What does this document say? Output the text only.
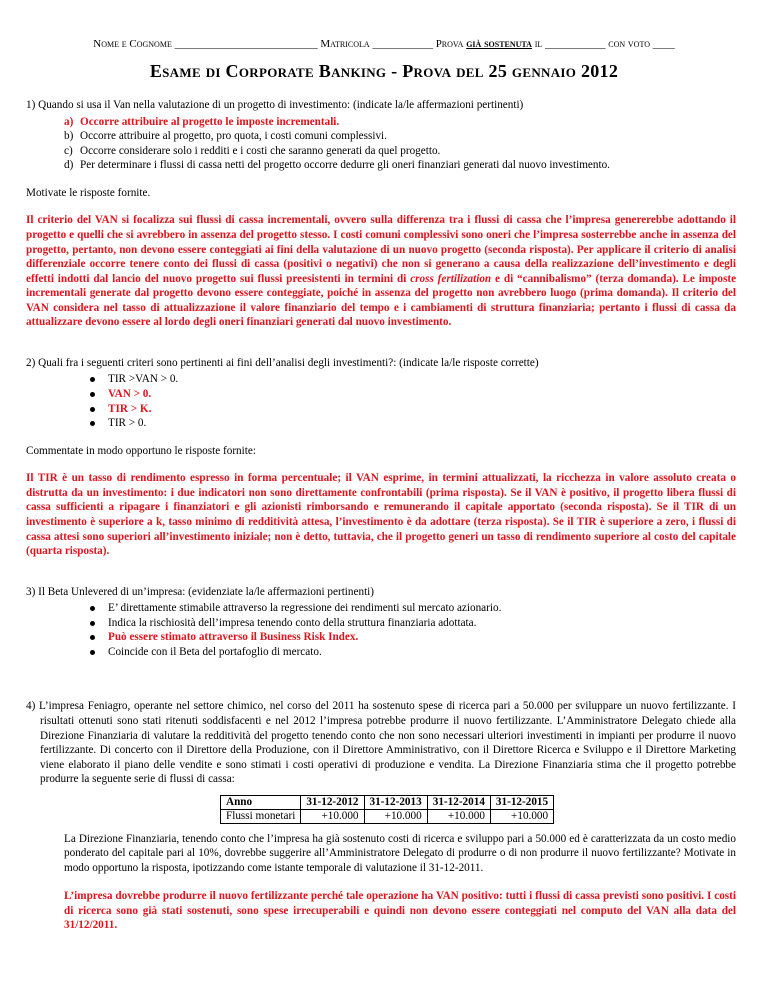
Nome e Cognome __________________________ Matricola ___________ Prova già sostenuta il ___________ con voto ____
Esame di Corporate Banking - Prova del 25 gennaio 2012

1) Quando si usa il Van nella valutazione di un progetto di investimento: (indicate la/le affermazioni pertinenti)

a) Occorre attribuire al progetto le imposte incrementali.
b) Occorre attribuire al progetto, pro quota, i costi comuni complessivi.
c) Occorre considerare solo i redditi e i costi che saranno generati da quel progetto.
d) Per determinare i flussi di cassa netti del progetto occorre dedurre gli oneri finanziari generati dal nuovo investimento.

Motivate le risposte fornite.

Il criterio del VAN si focalizza sui flussi di cassa incrementali, ovvero sulla differenza tra i flussi di cassa che l’impresa genererebbe adottando il progetto e quelli che si avrebbero in assenza del progetto stesso. I costi comuni complessivi sono oneri che l’impresa sosterrebbe anche in assenza del progetto, pertanto, non devono essere conteggiati ai fini della valutazione di un nuovo progetto (seconda risposta). Per applicare il criterio di analisi differenziale occorre tenere conto dei flussi di cassa (positivi o negativi) che non si generano a causa della realizzazione dell’investimento e degli effetti indotti dal lancio del nuovo progetto sui flussi preesistenti in termini di cross fertilization e di “cannibalismo” (terza domanda). Le imposte incrementali generate dal progetto devono essere conteggiate, poiché in assenza del progetto non avrebbero luogo (prima domanda). Il criterio del VAN considera nel tasso di attualizzazione il valore finanziario del tempo e i cambiamenti di struttura finanziaria; pertanto i flussi di cassa da attualizzare devono essere al lordo degli oneri finanziari generati dal nuovo investimento.

2) Quali fra i seguenti criteri sono pertinenti ai fini dell’analisi degli investimenti?: (indicate la/le risposte corrette)

TIR >VAN > 0.
VAN > 0.
TIR > K.
TIR > 0.

Commentate in modo opportuno le risposte fornite:

Il TIR è un tasso di rendimento espresso in forma percentuale; il VAN esprime, in termini attualizzati, la ricchezza in valore assoluto creata o distrutta da un investimento: i due indicatori non sono direttamente confrontabili (prima risposta). Se il VAN è positivo, il progetto libera flussi di cassa sufficienti a ripagare i finanziatori e gli azionisti rimborsando e remunerando il capitale apportato (seconda risposta). Se il TIR di un investimento è superiore a k, tasso minimo di redditività attesa, l’investimento è da adottare (terza risposta). Se il TIR è superiore a zero, i flussi di cassa attesi sono superiori all’investimento iniziale; non è detto, tuttavia, che il progetto generi un tasso di rendimento superiore al costo del capitale (quarta risposta).

3) Il Beta Unlevered di un’impresa: (evidenziate la/le affermazioni pertinenti)

E’ direttamente stimabile attraverso la regressione dei rendimenti sul mercato azionario.
Indica la rischiosità dell’impresa tenendo conto della struttura finanziaria adottata.
Può essere stimato attraverso il Business Risk Index.
Coincide con il Beta del portafoglio di mercato.

4) L’impresa Feniagro, operante nel settore chimico, nel corso del 2011 ha sostenuto spese di ricerca pari a 50.000 per sviluppare un nuovo fertilizzante. I risultati ottenuti sono stati ritenuti soddisfacenti e nel 2012 l’impresa potrebbe produrre il nuovo fertilizzante. L’Amministratore Delegato chiede alla Direzione Finanziaria di valutare la redditività del progetto tenendo conto che non sono necessari ulteriori investimenti in impianti per produrre il nuovo fertilizzante. Di concerto con il Direttore della Produzione, con il Direttore Amministrativo, con il Direttore Ricerca e Sviluppo e il Direttore Marketing viene elaborato il piano delle vendite e sono stimati i costi operativi di produzione e vendita. La Direzione Finanziaria stima che il progetto potrebbe produrre la seguente serie di flussi di cassa:

Anno	31-12-2012	31-12-2013	31-12-2014	31-12-2015
Flussi monetari	+10.000	+10.000	+10.000	+10.000

La Direzione Finanziaria, tenendo conto che l’impresa ha già sostenuto costi di ricerca e sviluppo pari a 50.000 ed è caratterizzata da un costo medio ponderato del capitale pari al 10%, dovrebbe suggerire all’Amministratore Delegato di produrre o di non produrre il nuovo fertilizzante? Motivate in modo opportuno la risposta, ipotizzando come istante temporale di valutazione il 31-12-2011.

L’impresa dovrebbe produrre il nuovo fertilizzante perché tale operazione ha VAN positivo: tutti i flussi di cassa previsti sono positivi. I costi di ricerca sono già stati sostenuti, sono spese irrecuperabili e quindi non devono essere conteggiati nel computo del VAN alla data del 31/12/2011.
